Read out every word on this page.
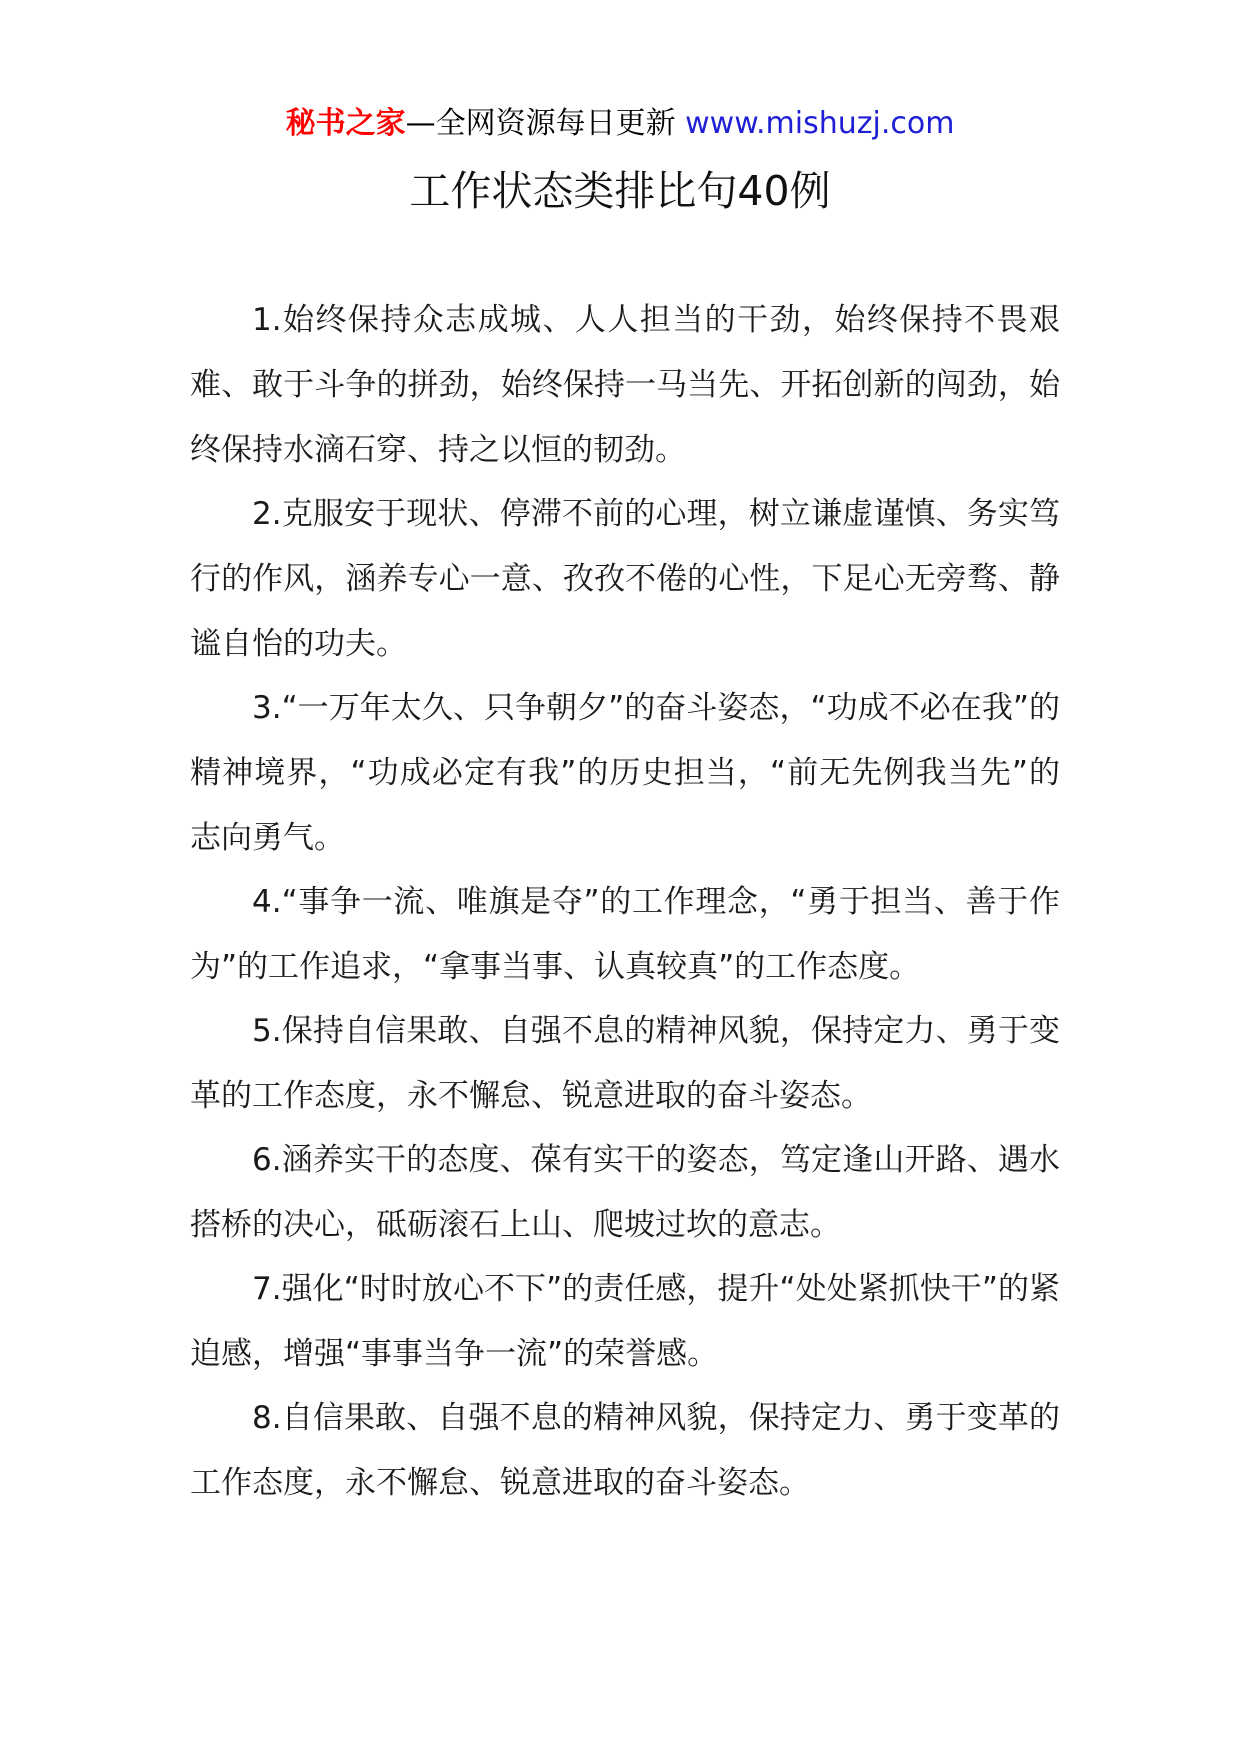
秘书之家—全网资源每日更新 www.mishuzj.com
工作状态类排比句40例

1.始终保持众志成城、人人担当的干劲，始终保持不畏艰难、敢于斗争的拼劲，始终保持一马当先、开拓创新的闯劲，始终保持水滴石穿、持之以恒的韧劲。

2.克服安于现状、停滞不前的心理，树立谦虚谨慎、务实笃行的作风，涵养专心一意、孜孜不倦的心性，下足心无旁骛、静谧自怡的功夫。

3.“一万年太久、只争朝夕”的奋斗姿态，“功成不必在我”的精神境界，“功成必定有我”的历史担当，“前无先例我当先”的志向勇气。

4.“事争一流、唯旗是夺”的工作理念，“勇于担当、善于作为”的工作追求，“拿事当事、认真较真”的工作态度。

5.保持自信果敢、自强不息的精神风貌，保持定力、勇于变革的工作态度，永不懈怠、锐意进取的奋斗姿态。

6.涵养实干的态度、葆有实干的姿态，笃定逢山开路、遇水搭桥的决心，砥砺滚石上山、爬坡过坎的意志。

7.强化“时时放心不下”的责任感，提升“处处紧抓快干”的紧迫感，增强“事事当争一流”的荣誉感。

8.自信果敢、自强不息的精神风貌，保持定力、勇于变革的工作态度，永不懈怠、锐意进取的奋斗姿态。
